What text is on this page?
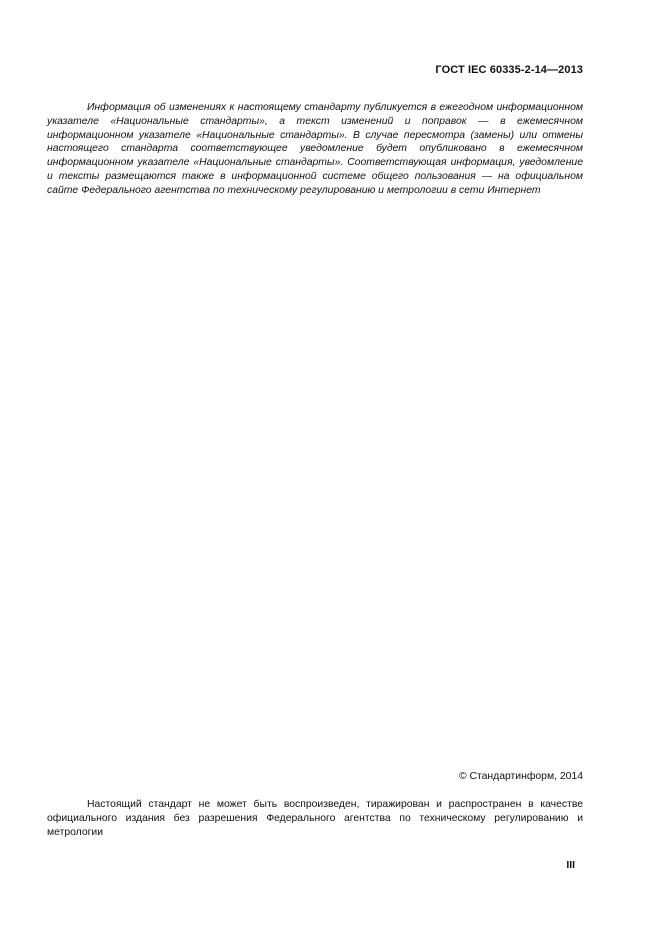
ГОСТ IEC 60335-2-14—2013

Информация об изменениях к настоящему стандарту публикуется в ежегодном информационном указателе «Национальные стандарты», а текст изменений и поправок — в ежемесячном информационном указателе «Национальные стандарты». В случае пересмотра (замены) или отмены настоящего стандарта соответствующее уведомление будет опубликовано в ежемесячном информационном указателе «Национальные стандарты». Соответствующая информация, уведомление и тексты размещаются также в информационной системе общего пользования — на официальном сайте Федерального агентства по техническому регулированию и метрологии в сети Интернет

© Стандартинформ, 2014

Настоящий стандарт не может быть воспроизведен, тиражирован и распространен в качестве официального издания без разрешения Федерального агентства по техническому регулированию и метрологии

III
